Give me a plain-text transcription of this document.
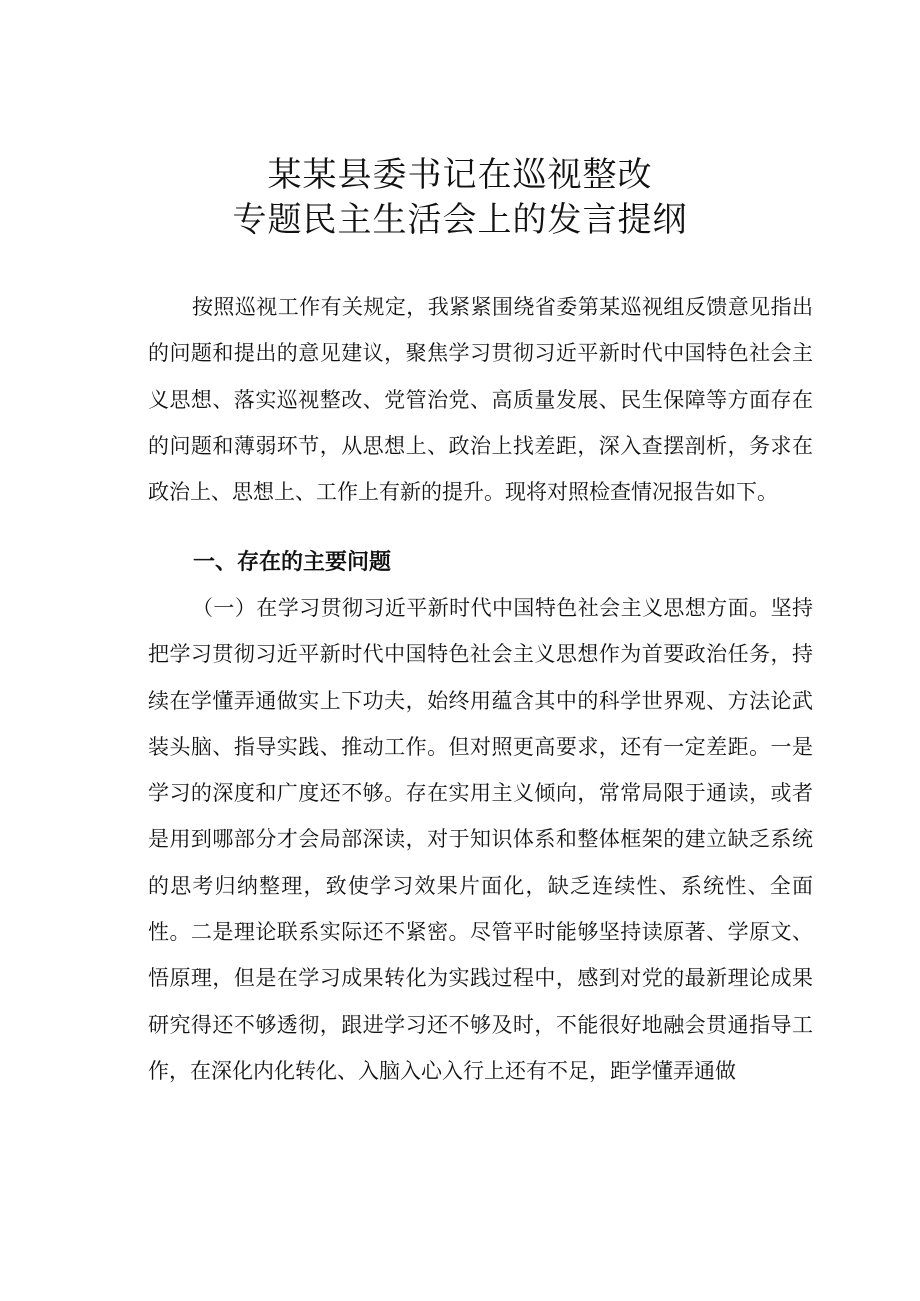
某某县委书记在巡视整改
专题民主生活会上的发言提纲

按照巡视工作有关规定，我紧紧围绕省委第某巡视组反馈意见指出的问题和提出的意见建议，聚焦学习贯彻习近平新时代中国特色社会主义思想、落实巡视整改、党管治党、高质量发展、民生保障等方面存在的问题和薄弱环节，从思想上、政治上找差距，深入查摆剖析，务求在政治上、思想上、工作上有新的提升。现将对照检查情况报告如下。

一、存在的主要问题

（一）在学习贯彻习近平新时代中国特色社会主义思想方面。坚持把学习贯彻习近平新时代中国特色社会主义思想作为首要政治任务，持续在学懂弄通做实上下功夫，始终用蕴含其中的科学世界观、方法论武装头脑、指导实践、推动工作。但对照更高要求，还有一定差距。一是学习的深度和广度还不够。存在实用主义倾向，常常局限于通读，或者是用到哪部分才会局部深读，对于知识体系和整体框架的建立缺乏系统的思考归纳整理，致使学习效果片面化，缺乏连续性、系统性、全面性。二是理论联系实际还不紧密。尽管平时能够坚持读原著、学原文、悟原理，但是在学习成果转化为实践过程中，感到对党的最新理论成果研究得还不够透彻，跟进学习还不够及时，不能很好地融会贯通指导工作，在深化内化转化、入脑入心入行上还有不足，距学懂弄通做
